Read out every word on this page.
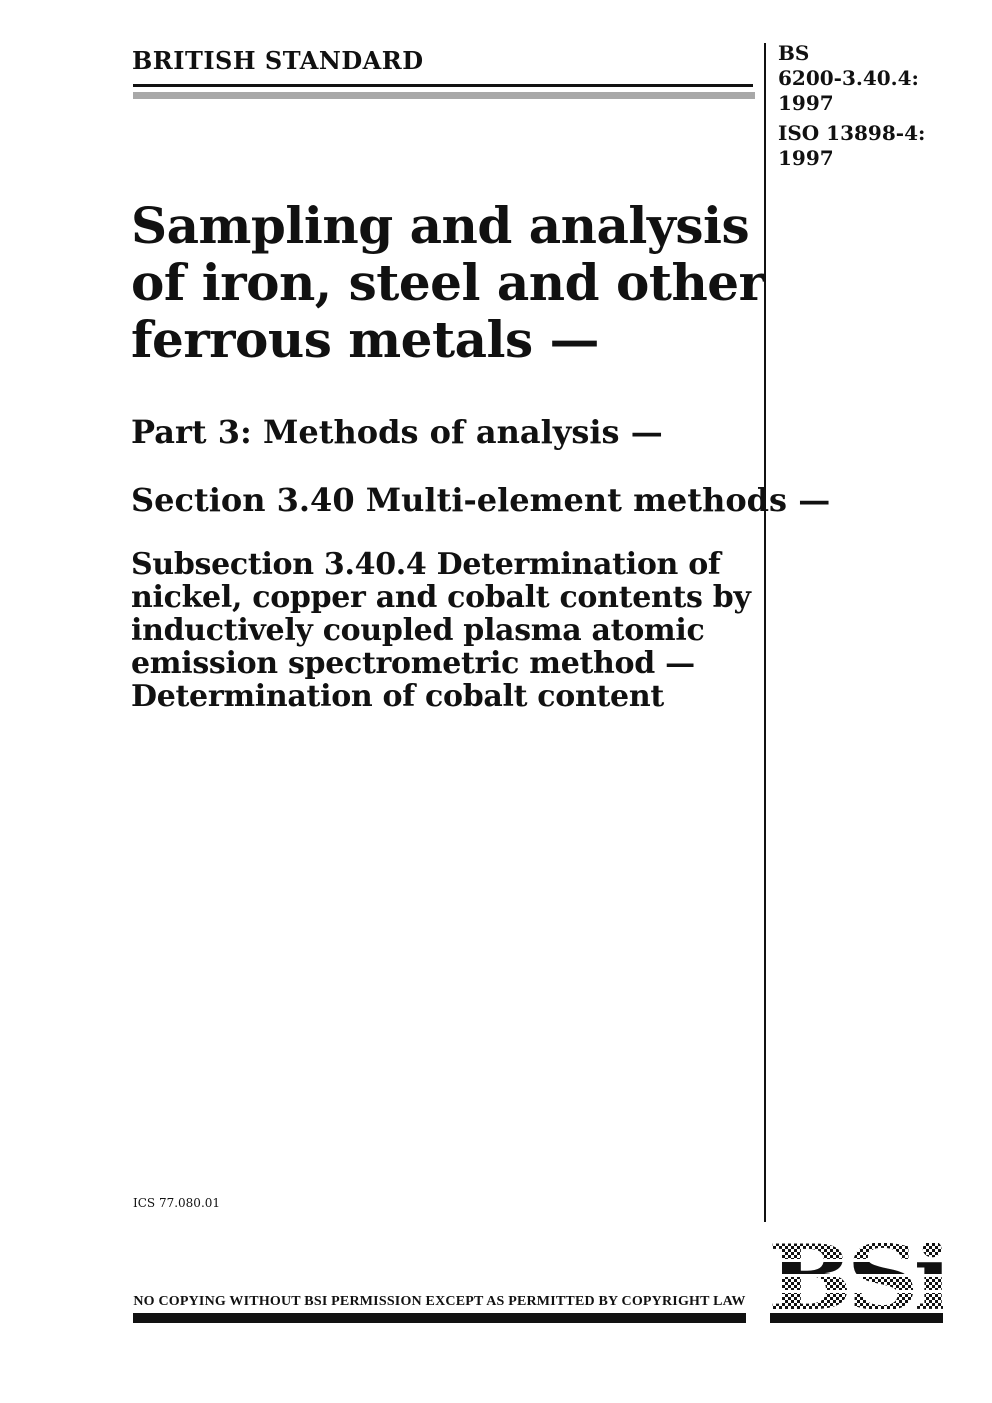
BRITISH STANDARD	BS
6200-3.40.4:
1997
ISO 13898-4:
1997
Sampling and analysis
of iron, steel and other
ferrous metals —
Part 3: Methods of analysis —
Section 3.40 Multi-element methods —
Subsection 3.40.4 Determination of
nickel, copper and cobalt contents by
inductively coupled plasma atomic
emission spectrometric method —
Determination of cobalt content
ICS 77.080.01
NO COPYING WITHOUT BSI PERMISSION EXCEPT AS PERMITTED BY COPYRIGHT LAW
